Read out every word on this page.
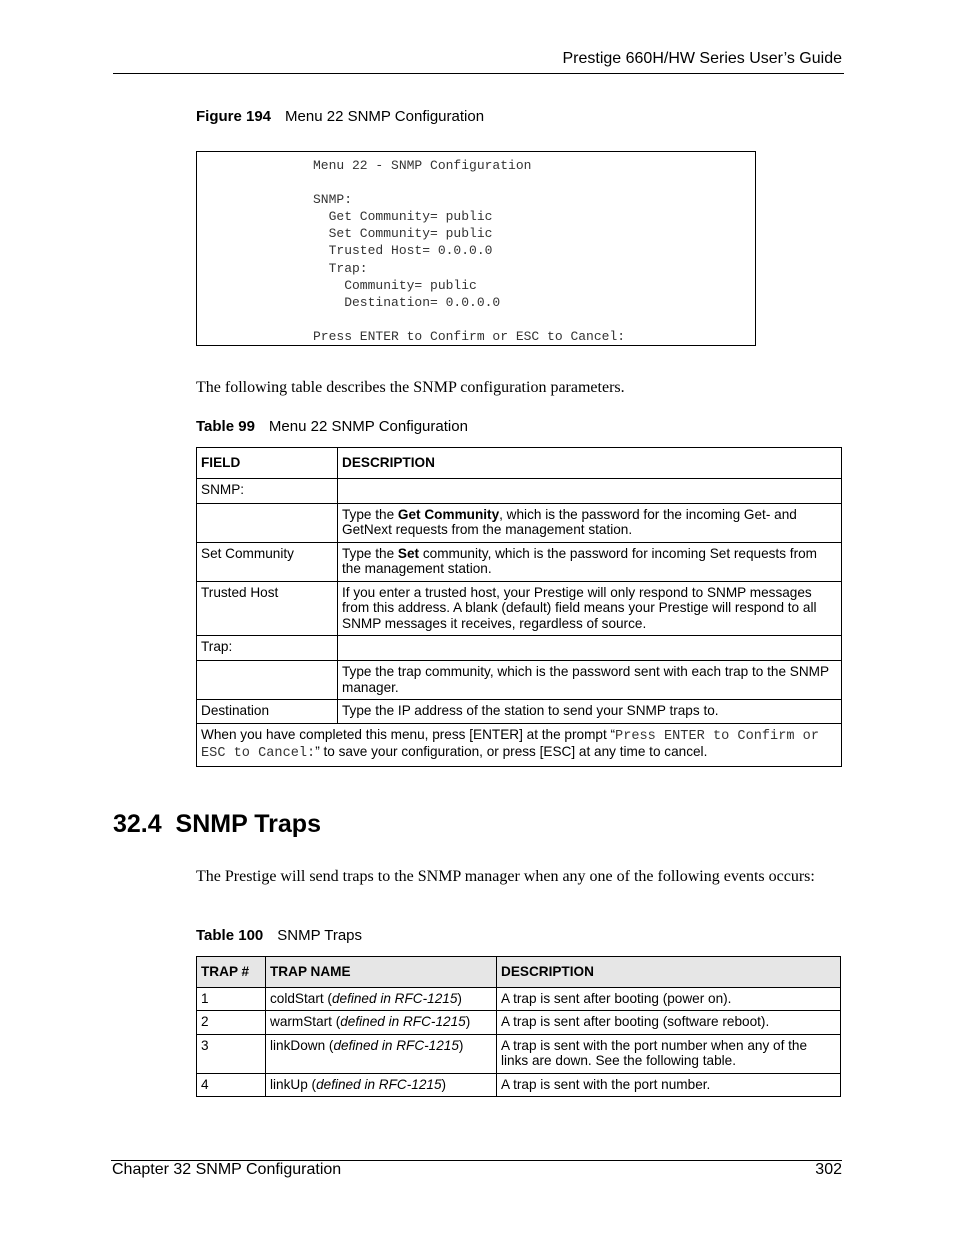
Prestige 660H/HW Series User’s Guide
Figure 194 Menu 22 SNMP Configuration
Menu 22 - SNMP Configuration

SNMP:
Get Community= public
Set Community= public
Trusted Host= 0.0.0.0
Trap:
Community= public
Destination= 0.0.0.0

Press ENTER to Confirm or ESC to Cancel:
The following table describes the SNMP configuration parameters.
Table 99 Menu 22 SNMP Configuration
FIELD	DESCRIPTION
SNMP:	
	Type the Get Community, which is the password for the incoming Get- and GetNext requests from the management station.
Set Community	Type the Set community, which is the password for incoming Set requests from the management station.
Trusted Host	If you enter a trusted host, your Prestige will only respond to SNMP messages from this address. A blank (default) field means your Prestige will respond to all SNMP messages it receives, regardless of source.
Trap:	
	Type the trap community, which is the password sent with each trap to the SNMP manager.
Destination	Type the IP address of the station to send your SNMP traps to.
When you have completed this menu, press [ENTER] at the prompt “Press ENTER to Confirm or ESC to Cancel:” to save your configuration, or press [ESC] at any time to cancel.	
32.4  SNMP Traps
The Prestige will send traps to the SNMP manager when any one of the following events occurs:
Table 100 SNMP Traps
TRAP #	TRAP NAME	DESCRIPTION
1	coldStart (defined in RFC-1215)	A trap is sent after booting (power on).
2	warmStart (defined in RFC-1215)	A trap is sent after booting (software reboot).
3	linkDown (defined in RFC-1215)	A trap is sent with the port number when any of the links are down. See the following table.
4	linkUp (defined in RFC-1215)	A trap is sent with the port number.
Chapter 32 SNMP Configuration	302
